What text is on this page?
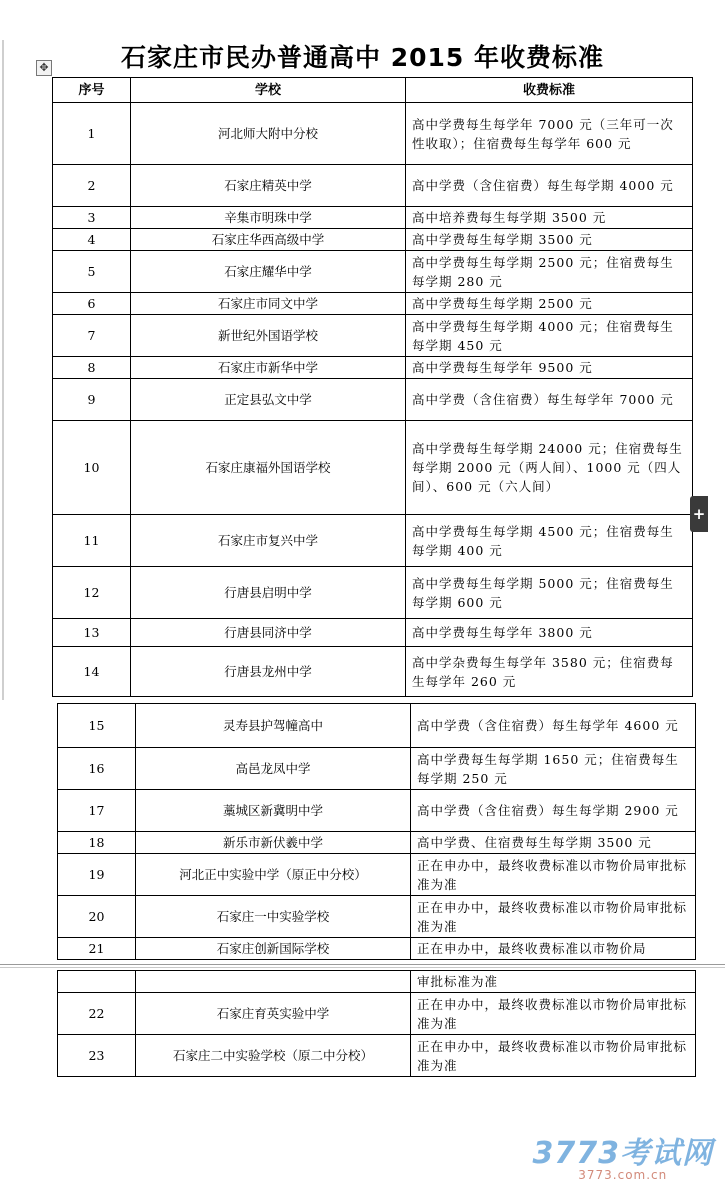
石家庄市民办普通高中 2015 年收费标准
✥
序号	学校	收费标准
1	河北师大附中分校	高中学费每生每学年 7000 元（三年可一次性收取）；住宿费每生每学年 600 元
2	石家庄精英中学	高中学费（含住宿费）每生每学期 4000 元
3	辛集市明珠中学	高中培养费每生每学期 3500 元
4	石家庄华西高级中学	高中学费每生每学期 3500 元
5	石家庄耀华中学	高中学费每生每学期 2500 元；住宿费每生每学期 280 元
6	石家庄市同文中学	高中学费每生每学期 2500 元
7	新世纪外国语学校	高中学费每生每学期 4000 元；住宿费每生每学期 450 元
8	石家庄市新华中学	高中学费每生每学年 9500 元
9	正定县弘文中学	高中学费（含住宿费）每生每学年 7000 元
10	石家庄康福外国语学校	高中学费每生每学期 24000 元；住宿费每生每学期 2000 元（两人间）、1000 元（四人间）、600 元（六人间）
11	石家庄市复兴中学	高中学费每生每学期 4500 元；住宿费每生每学期 400 元
12	行唐县启明中学	高中学费每生每学期 5000 元；住宿费每生每学期 600 元
13	行唐县同济中学	高中学费每生每学年 3800 元
14	行唐县龙州中学	高中学杂费每生每学年 3580 元；住宿费每生每学年 260 元
+
15	灵寿县护驾幢高中	高中学费（含住宿费）每生每学年 4600 元
16	高邑龙凤中学	高中学费每生每学期 1650 元；住宿费每生每学期 250 元
17	藁城区新冀明中学	高中学费（含住宿费）每生每学期 2900 元
18	新乐市新伏羲中学	高中学费、住宿费每生每学期 3500 元
19	河北正中实验中学（原正中分校）	正在申办中，最终收费标准以市物价局审批标准为准
20	石家庄一中实验学校	正在申办中，最终收费标准以市物价局审批标准为准
21	石家庄创新国际学校	正在申办中，最终收费标准以市物价局
		审批标准为准
22	石家庄育英实验中学	正在申办中，最终收费标准以市物价局审批标准为准
23	石家庄二中实验学校（原二中分校）	正在申办中，最终收费标准以市物价局审批标准为准
3773考试网
3773.com.cn
